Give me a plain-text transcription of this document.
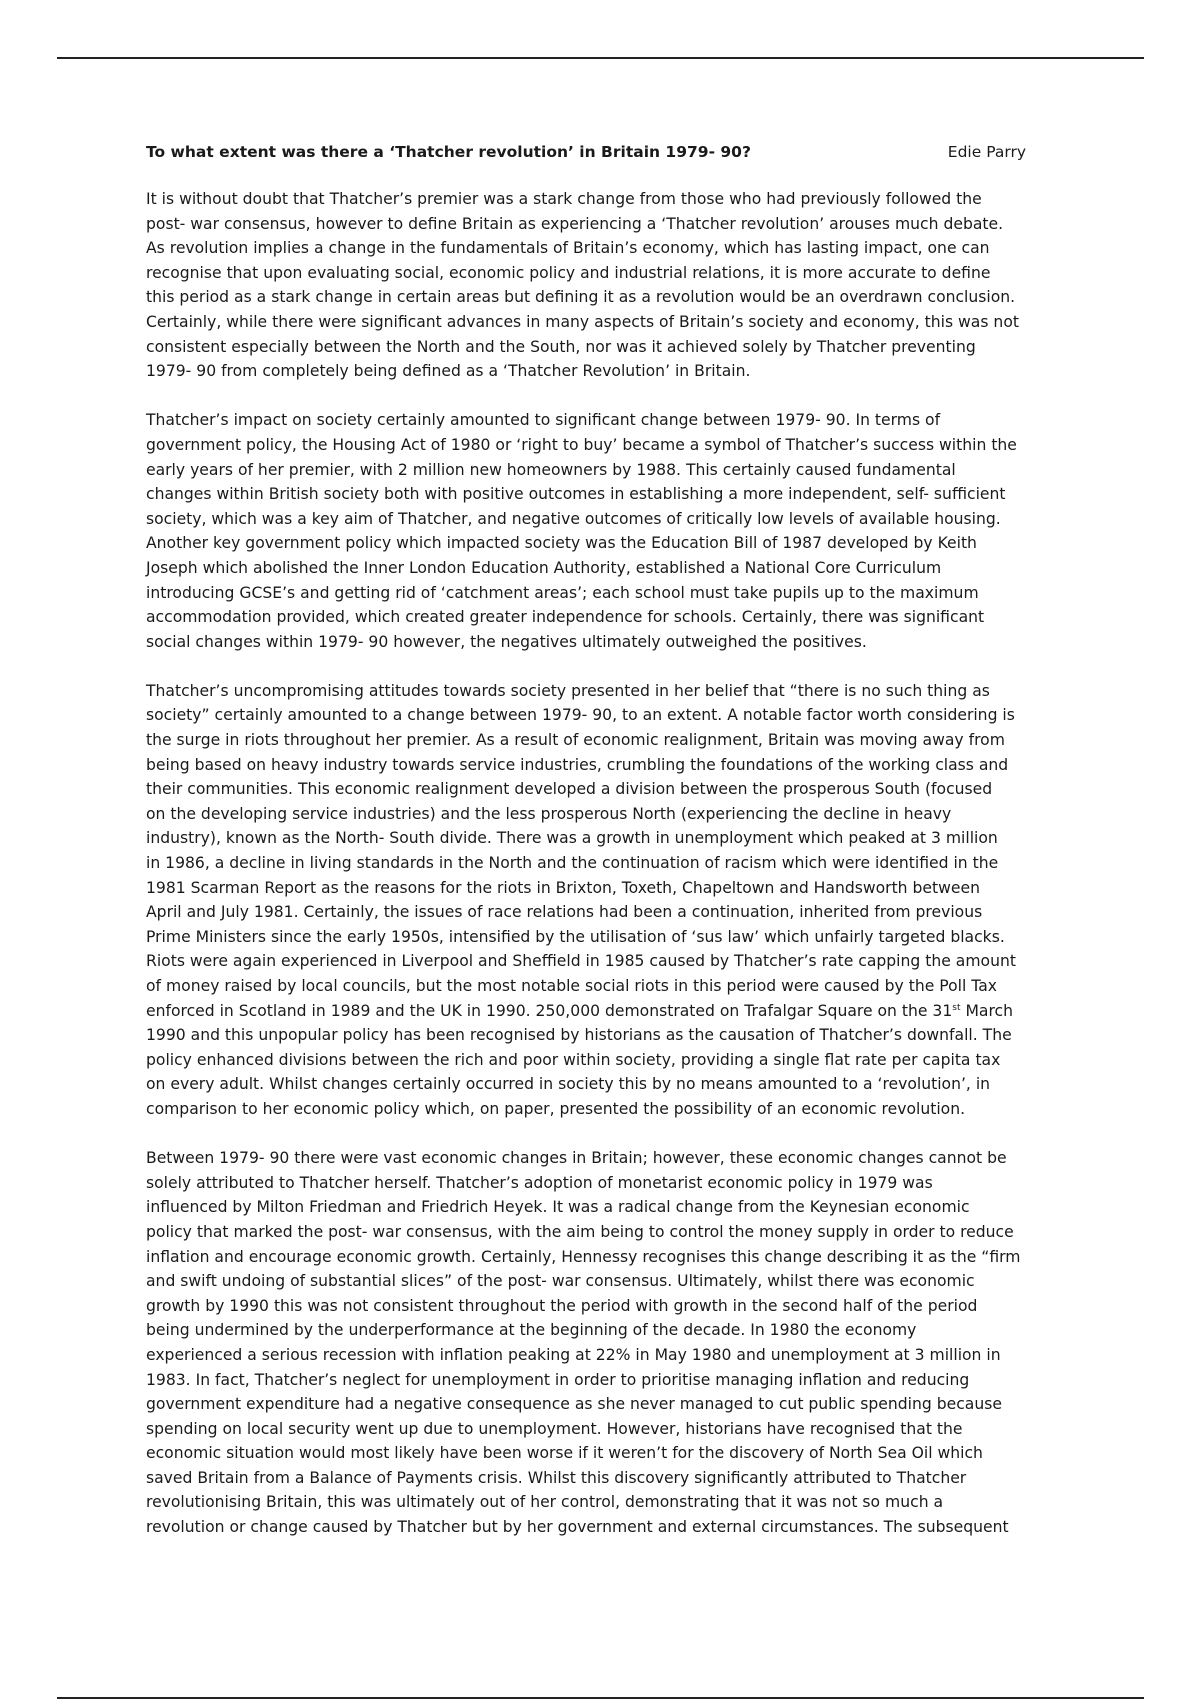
To what extent was there a ‘Thatcher revolution’ in Britain 1979- 90?	Edie Parry

It is without doubt that Thatcher’s premier was a stark change from those who had previously followed the
post- war consensus, however to define Britain as experiencing a ‘Thatcher revolution’ arouses much debate.
As revolution implies a change in the fundamentals of Britain’s economy, which has lasting impact, one can
recognise that upon evaluating social, economic policy and industrial relations, it is more accurate to define
this period as a stark change in certain areas but defining it as a revolution would be an overdrawn conclusion.
Certainly, while there were significant advances in many aspects of Britain’s society and economy, this was not
consistent especially between the North and the South, nor was it achieved solely by Thatcher preventing
1979- 90 from completely being defined as a ‘Thatcher Revolution’ in Britain.

Thatcher’s impact on society certainly amounted to significant change between 1979- 90. In terms of
government policy, the Housing Act of 1980 or ‘right to buy’ became a symbol of Thatcher’s success within the
early years of her premier, with 2 million new homeowners by 1988. This certainly caused fundamental
changes within British society both with positive outcomes in establishing a more independent, self- sufficient
society, which was a key aim of Thatcher, and negative outcomes of critically low levels of available housing.
Another key government policy which impacted society was the Education Bill of 1987 developed by Keith
Joseph which abolished the Inner London Education Authority, established a National Core Curriculum
introducing GCSE’s and getting rid of ‘catchment areas’; each school must take pupils up to the maximum
accommodation provided, which created greater independence for schools. Certainly, there was significant
social changes within 1979- 90 however, the negatives ultimately outweighed the positives.

Thatcher’s uncompromising attitudes towards society presented in her belief that “there is no such thing as
society” certainly amounted to a change between 1979- 90, to an extent. A notable factor worth considering is
the surge in riots throughout her premier. As a result of economic realignment, Britain was moving away from
being based on heavy industry towards service industries, crumbling the foundations of the working class and
their communities. This economic realignment developed a division between the prosperous South (focused
on the developing service industries) and the less prosperous North (experiencing the decline in heavy
industry), known as the North- South divide. There was a growth in unemployment which peaked at 3 million
in 1986, a decline in living standards in the North and the continuation of racism which were identified in the
1981 Scarman Report as the reasons for the riots in Brixton, Toxeth, Chapeltown and Handsworth between
April and July 1981. Certainly, the issues of race relations had been a continuation, inherited from previous
Prime Ministers since the early 1950s, intensified by the utilisation of ‘sus law’ which unfairly targeted blacks.
Riots were again experienced in Liverpool and Sheffield in 1985 caused by Thatcher’s rate capping the amount
of money raised by local councils, but the most notable social riots in this period were caused by the Poll Tax
enforced in Scotland in 1989 and the UK in 1990. 250,000 demonstrated on Trafalgar Square on the 31st March
1990 and this unpopular policy has been recognised by historians as the causation of Thatcher’s downfall. The
policy enhanced divisions between the rich and poor within society, providing a single flat rate per capita tax
on every adult. Whilst changes certainly occurred in society this by no means amounted to a ‘revolution’, in
comparison to her economic policy which, on paper, presented the possibility of an economic revolution.

Between 1979- 90 there were vast economic changes in Britain; however, these economic changes cannot be
solely attributed to Thatcher herself. Thatcher’s adoption of monetarist economic policy in 1979 was
influenced by Milton Friedman and Friedrich Heyek. It was a radical change from the Keynesian economic
policy that marked the post- war consensus, with the aim being to control the money supply in order to reduce
inflation and encourage economic growth. Certainly, Hennessy recognises this change describing it as the “firm
and swift undoing of substantial slices” of the post- war consensus. Ultimately, whilst there was economic
growth by 1990 this was not consistent throughout the period with growth in the second half of the period
being undermined by the underperformance at the beginning of the decade. In 1980 the economy
experienced a serious recession with inflation peaking at 22% in May 1980 and unemployment at 3 million in
1983. In fact, Thatcher’s neglect for unemployment in order to prioritise managing inflation and reducing
government expenditure had a negative consequence as she never managed to cut public spending because
spending on local security went up due to unemployment. However, historians have recognised that the
economic situation would most likely have been worse if it weren’t for the discovery of North Sea Oil which
saved Britain from a Balance of Payments crisis. Whilst this discovery significantly attributed to Thatcher
revolutionising Britain, this was ultimately out of her control, demonstrating that it was not so much a
revolution or change caused by Thatcher but by her government and external circumstances. The subsequent
